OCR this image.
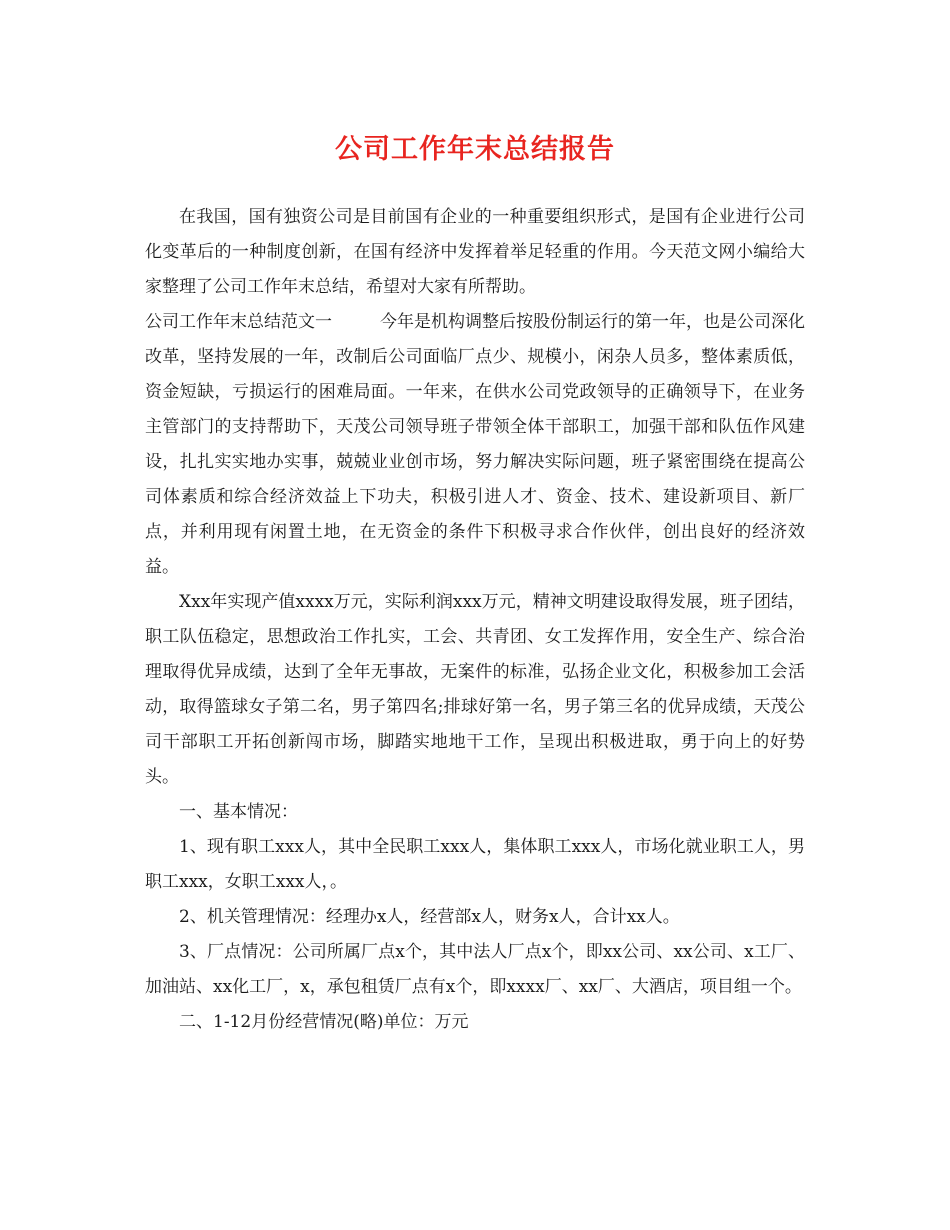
公司工作年末总结报告

在我国，国有独资公司是目前国有企业的一种重要组织形式，是国有企业进行公司化变革后的一种制度创新，在国有经济中发挥着举足轻重的作用。今天范文网小编给大家整理了公司工作年末总结，希望对大家有所帮助。

公司工作年末总结范文一	今年是机构调整后按股份制运行的第一年，也是公司深化改革，坚持发展的一年，改制后公司面临厂点少、规模小，闲杂人员多，整体素质低，资金短缺，亏损运行的困难局面。一年来，在供水公司党政领导的正确领导下，在业务主管部门的支持帮助下，天茂公司领导班子带领全体干部职工，加强干部和队伍作风建设，扎扎实实地办实事，兢兢业业创市场，努力解决实际问题，班子紧密围绕在提高公司体素质和综合经济效益上下功夫，积极引进人才、资金、技术、建设新项目、新厂点，并利用现有闲置土地，在无资金的条件下积极寻求合作伙伴，创出良好的经济效益。

Xxx年实现产值xxxx万元，实际利润xxx万元，精神文明建设取得发展，班子团结，职工队伍稳定，思想政治工作扎实，工会、共青团、女工发挥作用，安全生产、综合治理取得优异成绩，达到了全年无事故，无案件的标准，弘扬企业文化，积极参加工会活动，取得篮球女子第二名，男子第四名;排球好第一名，男子第三名的优异成绩，天茂公司干部职工开拓创新闯市场，脚踏实地地干工作，呈现出积极进取，勇于向上的好势头。

一、基本情况：

1、现有职工xxx人，其中全民职工xxx人，集体职工xxx人，市场化就业职工人，男职工xxx，女职工xxx人，。

2、机关管理情况：经理办x人，经营部x人，财务x人，合计xx人。

3、厂点情况：公司所属厂点x个，其中法人厂点x个，即xx公司、xx公司、x工厂、加油站、xx化工厂，x，承包租赁厂点有x个，即xxxx厂、xx厂、大酒店，项目组一个。

二、1-12月份经营情况(略)单位：万元
